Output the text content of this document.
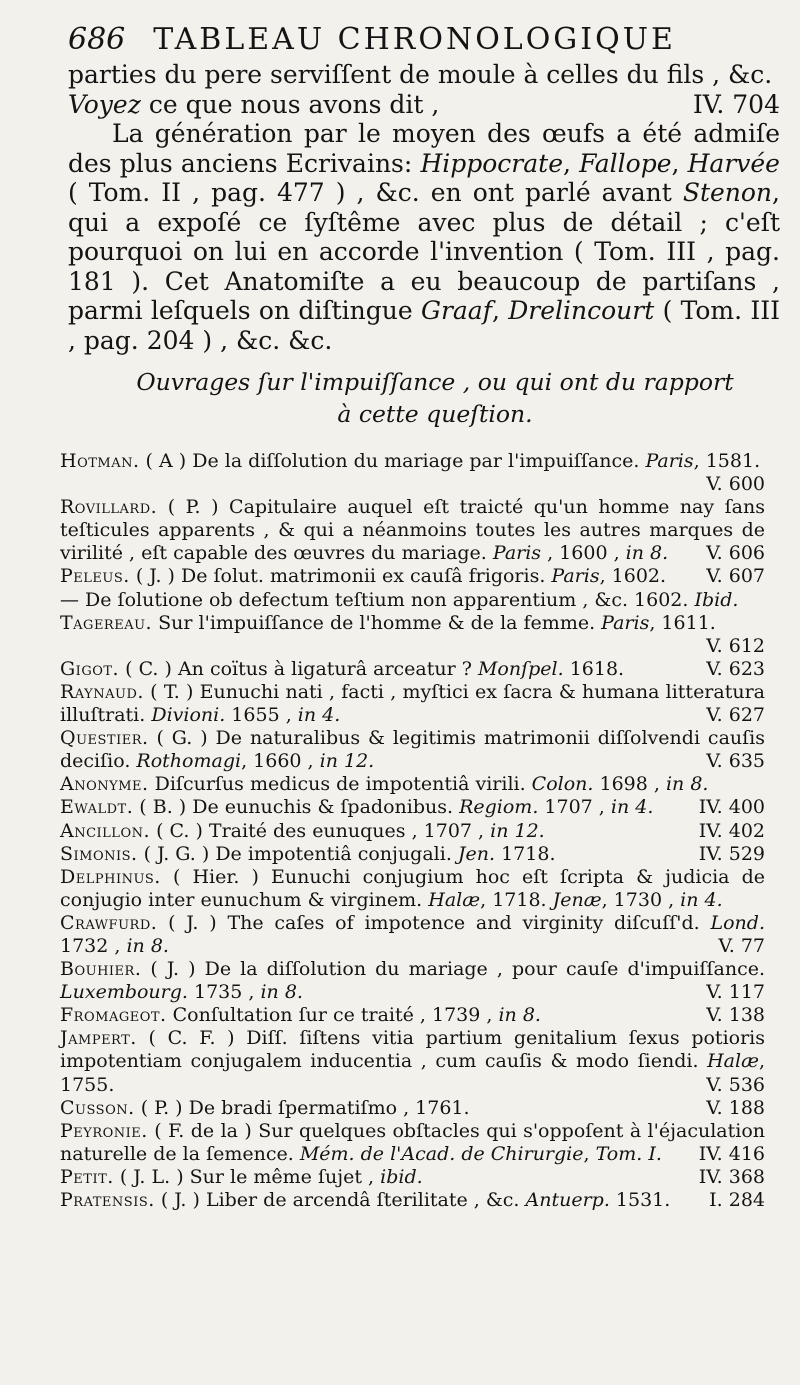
686 TABLEAU CHRONOLOGIQUE

parties du pere serviſſent de moule à celles du fils , &c.

Voyez ce que nous avons dit ,	IV. 704

La génération par le moyen des œufs a été admiſe des plus anciens Ecrivains: Hippocrate, Fallope, Harvée ( Tom. II , pag. 477 ) , &c. en ont parlé avant Stenon, qui a expoſé ce ſyſtême avec plus de détail ; c'eſt pourquoi on lui en accorde l'invention ( Tom. III , pag. 181 ). Cet Anatomiſte a eu beaucoup de partiſans , parmi leſquels on diſtingue Graaf, Drelincourt ( Tom. III , pag. 204 ) , &c. &c.

Ouvrages ſur l'impuiſſance , ou qui ont du rapport
à cette queſtion.
Hotman. ( A ) De la diſſolution du mariage par l'impuiſſance. Paris, 1581.
V. 600
Rovillard. ( P. ) Capitulaire auquel eſt traicté qu'un homme nay ſans teſticules apparents , & qui a néanmoins toutes les autres marques de virilité , eſt capable des œuvres du mariage. Paris , 1600 , in 8. V. 606
Peleus. ( J. ) De ſolut. matrimonii ex cauſâ frigoris. Paris, 1602. V. 607
— De ſolutione ob defectum teſtium non apparentium , &c. 1602. Ibid.
Tagereau. Sur l'impuiſſance de l'homme & de la femme. Paris, 1611.
V. 612
Gigot. ( C. ) An coïtus à ligaturâ arceatur ? Monſpel. 1618.	V. 623
Raynaud. ( T. ) Eunuchi nati , facti , myſtici ex ſacra & humana litteratura illuſtrati. Divioni. 1655 , in 4.	V. 627
Questier. ( G. ) De naturalibus & legitimis matrimonii diſſolvendi cauſis deciſio. Rothomagi, 1660 , in 12.	V. 635
Anonyme. Diſcurſus medicus de impotentiâ virili. Colon. 1698 , in 8.
Ewaldt. ( B. ) De eunuchis & ſpadonibus. Regiom. 1707 , in 4. IV. 400
Ancillon. ( C. ) Traité des eunuques , 1707 , in 12.	IV. 402
Simonis. ( J. G. ) De impotentiâ conjugali. Jen. 1718.	IV. 529
Delphinus. ( Hier. ) Eunuchi conjugium hoc eſt ſcripta & judicia de conjugio inter eunuchum & virginem. Halæ, 1718. Jenæ, 1730 , in 4.
Crawfurd. ( J. ) The caſes of impotence and virginity diſcuſſ'd. Lond. 1732 , in 8.	V. 77
Bouhier. ( J. ) De la diſſolution du mariage , pour cauſe d'impuiſſance. Luxembourg. 1735 , in 8.	V. 117
Fromageot. Conſultation ſur ce traité , 1739 , in 8.	V. 138
Jampert. ( C. F. ) Diſſ. ſiſtens vitia partium genitalium ſexus potioris impotentiam conjugalem inducentia , cum cauſis & modo ſiendi. Halæ, 1755.	V. 536
Cusson. ( P. ) De bradi ſpermatiſmo , 1761.	V. 188
Peyronie. ( F. de la ) Sur quelques obſtacles qui s'oppoſent à l'éjaculation naturelle de la ſemence. Mém. de l'Acad. de Chirurgie, Tom. I. IV. 416
Petit. ( J. L. ) Sur le même ſujet , ibid.	IV. 368
Pratensis. ( J. ) Liber de arcendâ ſterilitate , &c. Antuerp. 1531. I. 284
